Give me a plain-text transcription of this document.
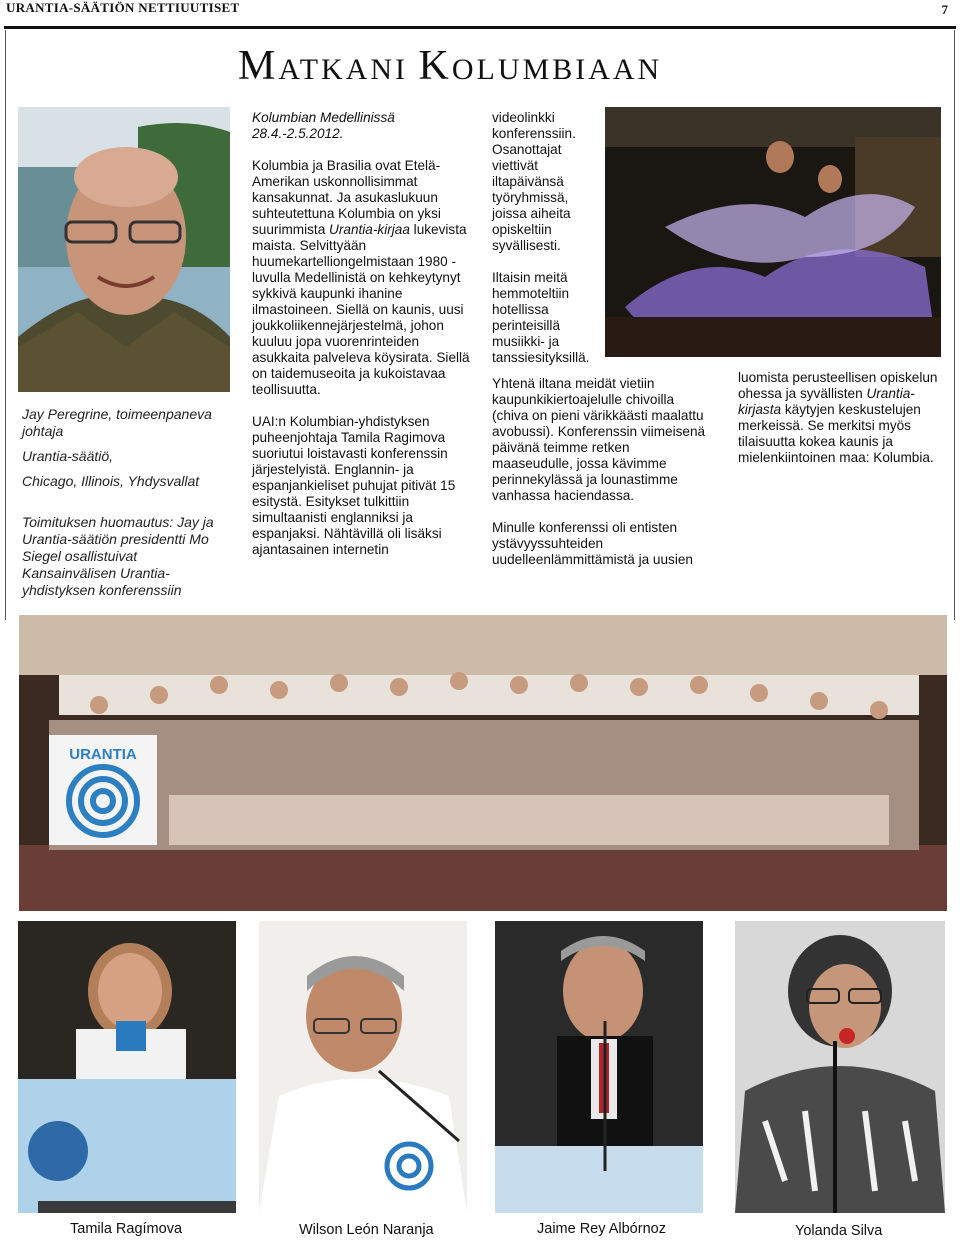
URANTIA-SÄÄTIÖN NETTIUUTISET	7
MATKANI KOLUMBIAAN

Jay Peregrine, toimeenpaneva johtaja

Urantia-säätiö,

Chicago, Illinois, Yhdysvallat

Toimituksen huomautus: Jay ja Urantia-säätiön presidentti Mo Siegel osallistuivat Kansainvälisen Urantia-yhdistyksen konferenssiin

Kolumbian Medellinissä 28.4.-2.5.2012.

Kolumbia ja Brasilia ovat Etelä-Amerikan uskonnollisimmat kansakunnat. Ja asukaslukuun suhteutettuna Kolumbia on yksi suurimmista Urantia-kirjaa lukevista maista. Selvittyään huumekartelliongelmistaan 1980 -luvulla Medellinistä on kehkeytynyt sykkivä kaupunki ihanine ilmastoineen. Siellä on kaunis, uusi joukkoliikennejärjestelmä, johon kuuluu jopa vuorenrinteiden asukkaita palveleva köysirata. Siellä on taidemuseoita ja kukoistavaa teollisuutta.

UAI:n Kolumbian-yhdistyksen puheenjohtaja Tamila Ragimova suoriutui loistavasti konferenssin järjestelyistä. Englannin- ja espanjankieliset puhujat pitivät 15 esitystä. Esitykset tulkittiin simultaanisti englanniksi ja espanjaksi. Nähtävillä oli lisäksi ajantasainen internetin

videolinkki konferenssiin. Osanottajat viettivät iltapäivänsä työryhmissä, joissa aiheita opiskeltiin syvällisesti.

Iltaisin meitä hemmoteltiin hotellissa perinteisillä musiikki- ja tanssiesityksillä.

Yhtenä iltana meidät vietiin kaupunkikiertoajelulle chivoilla (chiva on pieni värikkäästi maalattu avobussi). Konferenssin viimeisenä päivänä teimme retken maaseudulle, jossa kävimme perinnekylässä ja lounastimme vanhassa haciendassa.

Minulle konferenssi oli entisten ystävyyssuhteiden uudelleenlämmittämistä ja uusien

luomista perusteellisen opiskelun ohessa ja syvällisten Urantia-kirjasta käytyjen keskustelujen merkeissä. Se merkitsi myös tilaisuutta kokea kaunis ja mielenkiintoinen maa: Kolumbia.

URANTIA
Tamila Ragímova	Wilson León Naranja	Jaime Rey Albórnoz	Yolanda Silva
